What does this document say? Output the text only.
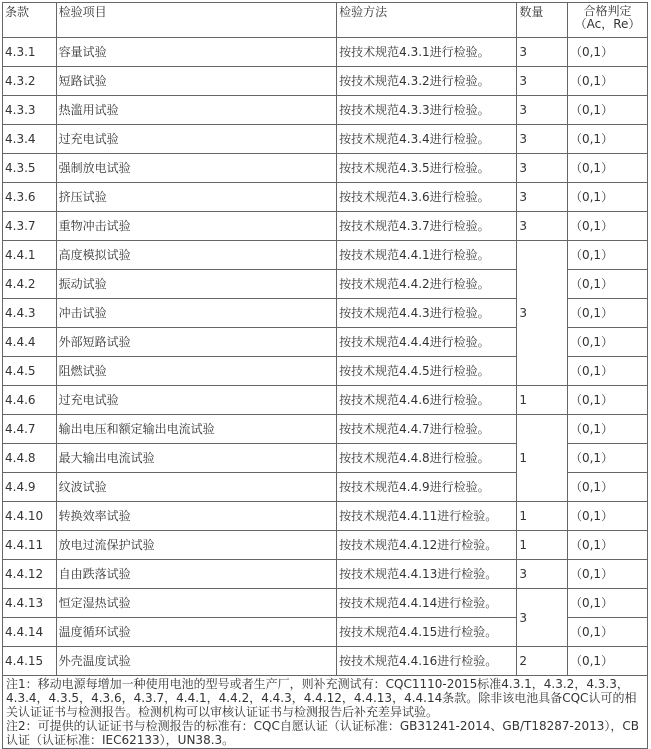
条款	检验项目	检验方法	数量	合格判定
（Ac，Re）

4.3.1	容量试验	按技术规范4.3.1进行检验。	3	（0,1）
4.3.2	短路试验	按技术规范4.3.2进行检验。	3	（0,1）
4.3.3	热滥用试验	按技术规范4.3.3进行检验。	3	（0,1）
4.3.4	过充电试验	按技术规范4.3.4进行检验。	3	（0,1）
4.3.5	强制放电试验	按技术规范4.3.5进行检验。	3	（0,1）
4.3.6	挤压试验	按技术规范4.3.6进行检验。	3	（0,1）
4.3.7	重物冲击试验	按技术规范4.3.7进行检验。	3	（0,1）
4.4.1	高度模拟试验	按技术规范4.4.1进行检验。	3	（0,1）
4.4.2	振动试验	按技术规范4.4.2进行检验。		（0,1）
4.4.3	冲击试验	按技术规范4.4.3进行检验。		（0,1）
4.4.4	外部短路试验	按技术规范4.4.4进行检验。		（0,1）
4.4.5	阻燃试验	按技术规范4.4.5进行检验。		（0,1）
4.4.6	过充电试验	按技术规范4.4.6进行检验。	1	（0,1）
4.4.7	输出电压和额定输出电流试验	按技术规范4.4.7进行检验。	1	（0,1）
4.4.8	最大输出电流试验	按技术规范4.4.8进行检验。		（0,1）
4.4.9	纹波试验	按技术规范4.4.9进行检验。		（0,1）
4.4.10	转换效率试验	按技术规范4.4.11进行检验。	1	（0,1）
4.4.11	放电过流保护试验	按技术规范4.4.12进行检验。	1	（0,1）
4.4.12	自由跌落试验	按技术规范4.4.13进行检验。	3	（0,1）
4.4.13	恒定湿热试验	按技术规范4.4.14进行检验。	3	（0,1）
4.4.14	温度循环试验	按技术规范4.4.15进行检验。		（0,1）
4.4.15	外壳温度试验	按技术规范4.4.16进行检验。	2	（0,1）

注1：移动电源每增加一种使用电池的型号或者生产厂，则补充测试有：CQC1110-2015标准4.3.1，4.3.2，4.3.3，4.3.4，4.3.5，4.3.6，4.3.7，4.4.1，4.4.2，4.4.3，4.4.12，4.4.13，4.4.14条款。除非该电池具备CQC认可的相关认证证书与检测报告。检测机构可以审核认证证书与检测报告后补充差异试验。
注2：可提供的认证证书与检测报告的标准有：CQC自愿认证（认证标准：GB31241-2014、GB/T18287-2013），CB认证（认证标准：IEC62133），UN38.3。				
